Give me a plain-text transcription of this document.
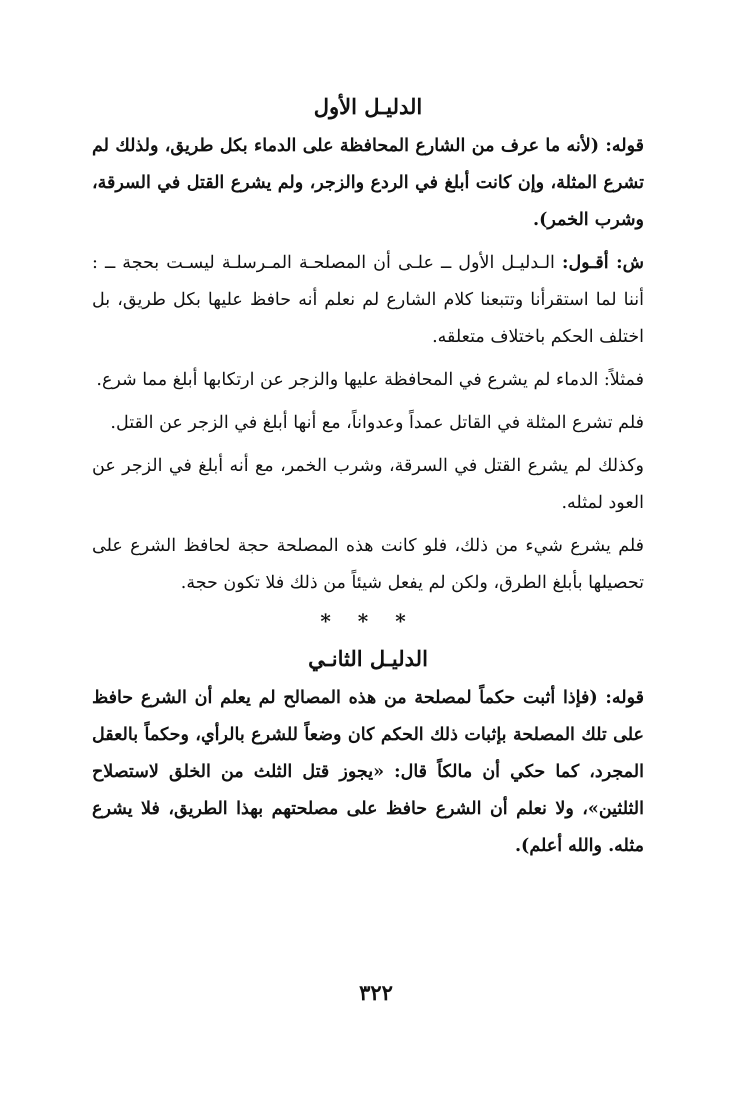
الدليـل الأول

قوله: (لأنه ما عرف من الشارع المحافظة على الدماء بكل طريق، ولذلك لم تشرع المثلة، وإن كانت أبلغ في الردع والزجر، ولم يشرع القتل في السرقة، وشرب الخمر).

ش: أقـول: الـدليـل الأول ــ علـى أن المصلحـة المـرسلـة ليسـت بحجة ــ : أننا لما استقرأنا وتتبعنا كلام الشارع لم نعلم أنه حافظ عليها بكل طريق، بل اختلف الحكم باختلاف متعلقه.

فمثلاً: الدماء لم يشرع في المحافظة عليها والزجر عن ارتكابها أبلغ مما شرع.

فلم تشرع المثلة في القاتل عمداً وعدواناً، مع أنها أبلغ في الزجر عن القتل.

وكذلك لم يشرع القتل في السرقة، وشرب الخمر، مع أنه أبلغ في الزجر عن العود لمثله.

فلم يشرع شيء من ذلك، فلو كانت هذه المصلحة حجة لحافظ الشرع على تحصيلها بأبلغ الطرق، ولكن لم يفعل شيئاً من ذلك فلا تكون حجة.

* * *
الدليـل الثانـي

قوله: (فإذا أثبت حكماً لمصلحة من هذه المصالح لم يعلم أن الشرع حافظ على تلك المصلحة بإثبات ذلك الحكم كان وضعاً للشرع بالرأي، وحكماً بالعقل المجرد، كما حكي أن مالكاً قال: «يجوز قتل الثلث من الخلق لاستصلاح الثلثين»، ولا نعلم أن الشرع حافظ على مصلحتهم بهذا الطريق، فلا يشرع مثله. والله أعلم).

٣٢٢
